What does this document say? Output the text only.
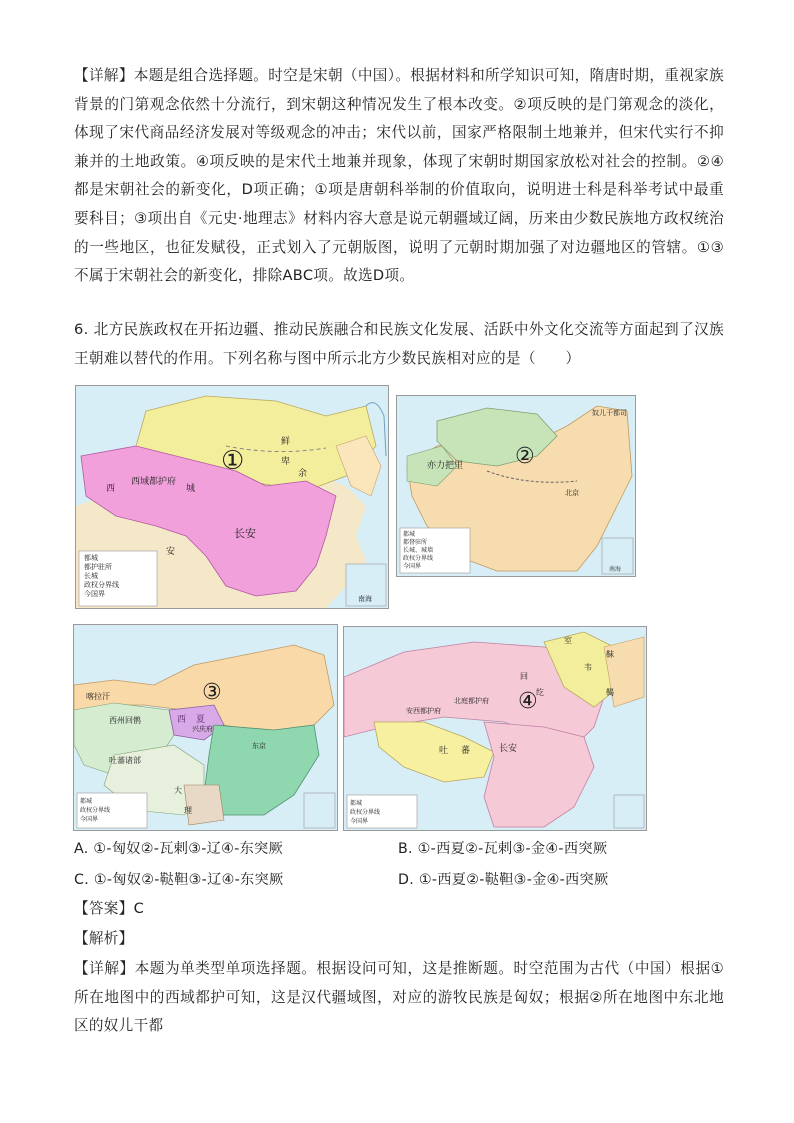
【详解】本题是组合选择题。时空是宋朝（中国）。根据材料和所学知识可知，隋唐时期，重视家族背景的门第观念依然十分流行，到宋朝这种情况发生了根本改变。②项反映的是门第观念的淡化，体现了宋代商品经济发展对等级观念的冲击；宋代以前，国家严格限制土地兼并，但宋代实行不抑兼并的土地政策。④项反映的是宋代土地兼并现象，体现了宋朝时期国家放松对社会的控制。②④都是宋朝社会的新变化，D项正确；①项是唐朝科举制的价值取向，说明进士科是科举考试中最重要科目；③项出自《元史·地理志》材料内容大意是说元朝疆域辽阔，历来由少数民族地方政权统治的一些地区，也征发赋役，正式划入了元朝版图，说明了元朝时期加强了对边疆地区的管辖。①③不属于宋朝社会的新变化，排除ABC项。故选D项。

6. 北方民族政权在开拓边疆、推动民族融合和民族文化发展、活跃中外文化交流等方面起到了汉族王朝难以替代的作用。下列名称与图中所示北方少数民族相对应的是（　　）

①
西域都护府
长安
西	城
鲜
卑
余
安
南海
都城
都护驻所
长城
政权分界线
今国界
②
奴儿干都司
亦力把里
北京
南海
都城
都督驻所
长城、城墙
政权分界线
今国界
③
喀拉汗
西州回鹘	西 夏
兴庆府
吐蕃诸部
大
理
东京
都城
政权分界线
今国界
④
北庭都护府
安西都护府
吐 蕃	长安
回
纥
室
靺
韦
鞨
都城
政权分界线
今国界
A. ①-匈奴②-瓦剌③-辽④-东突厥	B. ①-西夏②-瓦剌③-金④-西突厥
C. ①-匈奴②-鞑靼③-辽④-东突厥	D. ①-西夏②-鞑靼③-金④-西突厥
【答案】C
【解析】

【详解】本题为单类型单项选择题。根据设问可知，这是推断题。时空范围为古代（中国）根据①所在地图中的西域都护可知，这是汉代疆域图，对应的游牧民族是匈奴；根据②所在地图中东北地区的奴儿干都
